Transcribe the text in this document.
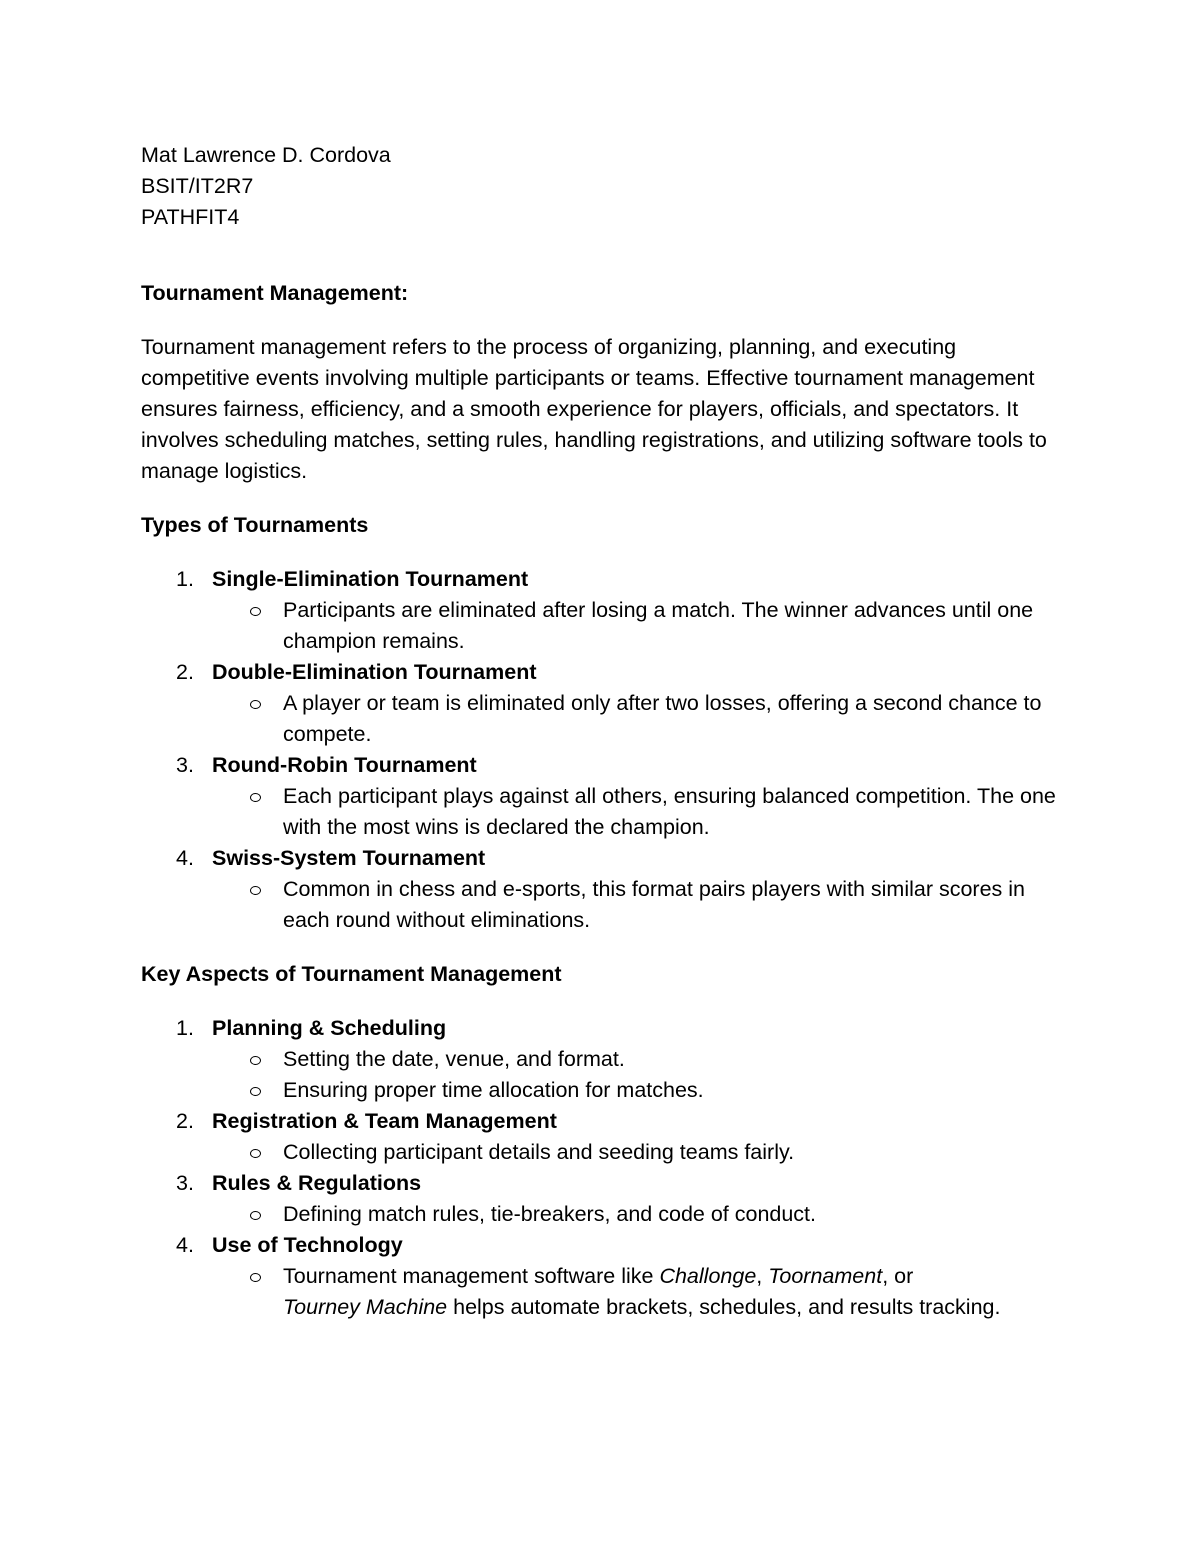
Mat Lawrence D. Cordova
BSIT/IT2R7
PATHFIT4
Tournament Management:
Tournament management refers to the process of organizing, planning, and executing competitive events involving multiple participants or teams. Effective tournament management ensures fairness, efficiency, and a smooth experience for players, officials, and spectators. It involves scheduling matches, setting rules, handling registrations, and utilizing software tools to manage logistics.
Types of Tournaments
1. Single-Elimination Tournament
Participants are eliminated after losing a match. The winner advances until one champion remains.
2. Double-Elimination Tournament
A player or team is eliminated only after two losses, offering a second chance to compete.
3. Round-Robin Tournament
Each participant plays against all others, ensuring balanced competition. The one with the most wins is declared the champion.
4. Swiss-System Tournament
Common in chess and e-sports, this format pairs players with similar scores in each round without eliminations.
Key Aspects of Tournament Management
1. Planning & Scheduling
Setting the date, venue, and format.
Ensuring proper time allocation for matches.
2. Registration & Team Management
Collecting participant details and seeding teams fairly.
3. Rules & Regulations
Defining match rules, tie-breakers, and code of conduct.
4. Use of Technology
Tournament management software like Challonge, Toornament, or
Tourney Machine helps automate brackets, schedules, and results tracking.
